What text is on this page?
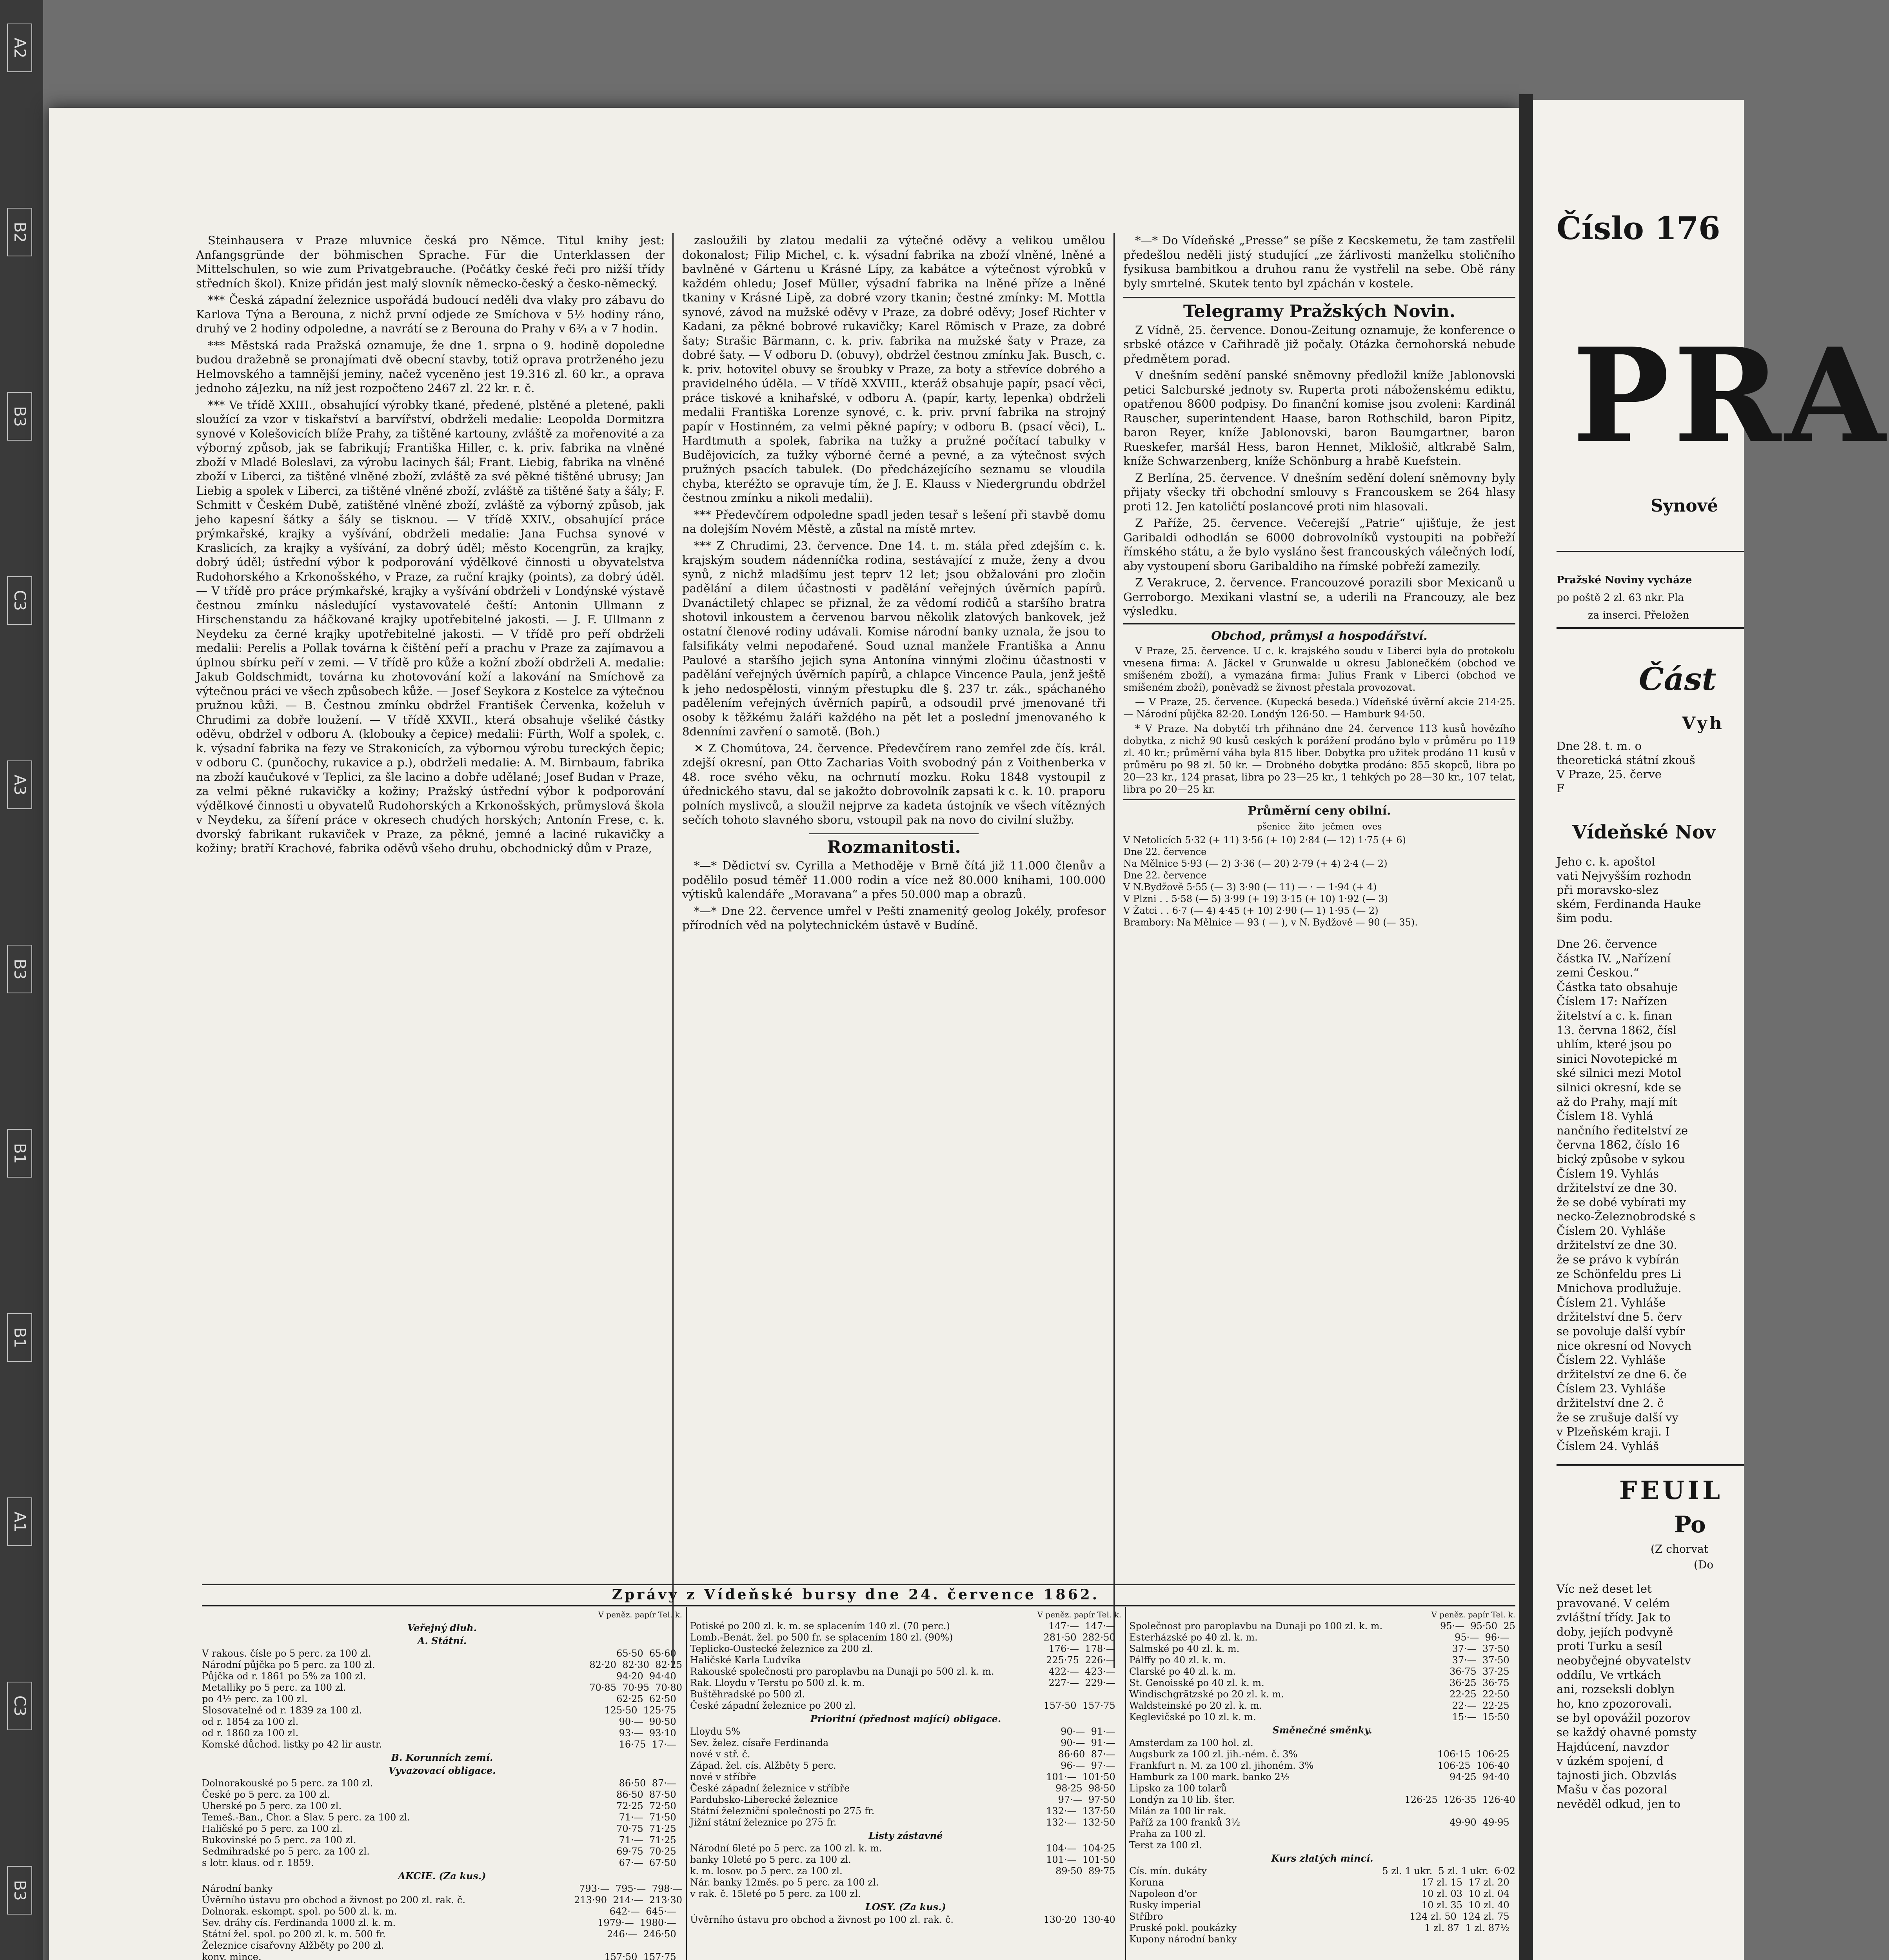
A2
B2
B3
C3
A3
B3
B1
B1
A1
C3
B3

Steinhausera v Praze mluvnice česká pro Němce. Titul knihy jest: Anfangsgründe der böhmischen Sprache. Für die Unterklassen der Mittelschulen, so wie zum Privatgebrauche. (Počátky české řeči pro nižší třídy středních škol). Knize přidán jest malý slovník německo-český a česko-německý.

*** Česká západní železnice uspořádá budoucí neděli dva vlaky pro zábavu do Karlova Týna a Berouna, z nichž první odjede ze Smíchova v 5½ hodiny ráno, druhý ve 2 hodiny odpoledne, a navrátí se z Berouna do Prahy v 6¾ a v 7 hodin.

*** Městská rada Pražská oznamuje, že dne 1. srpna o 9. hodině dopoledne budou dražebně se pronajímati dvě obecní stavby, totiž oprava protrženého jezu Helmovského a tamnější jeminy, načež vyceněno jest 19.316 zl. 60 kr., a oprava jednoho záJezku, na níž jest rozpočteno 2467 zl. 22 kr. r. č.

*** Ve třídě XXIII., obsahující výrobky tkané, předené, plstěné a pletené, pakli sloužící za vzor v tiskařství a barvířství, obdrželi medalie: Leopolda Dormitzra synové v Kolešovicích blíže Prahy, za tištěné kartouny, zvláště za mořenovité a za výborný způsob, jak se fabrikují; Františka Hiller, c. k. priv. fabrika na vlněné zboží v Mladé Boleslavi, za výrobu lacinych šál; Frant. Liebig, fabrika na vlněné zboží v Liberci, za tištěné vlněné zboží, zvláště za své pěkné tištěné ubrusy; Jan Liebig a spolek v Liberci, za tištěné vlněné zboží, zvláště za tištěné šaty a šály; F. Schmitt v Českém Dubě, zatištěné vlněné zboží, zvláště za výborný způsob, jak jeho kapesní šátky a šály se tisknou. — V třídě XXIV., obsahující práce prýmkařské, krajky a vyšívání, obdrželi medalie: Jana Fuchsa synové v Kraslicích, za krajky a vyšívání, za dobrý úděl; město Kocengrün, za krajky, dobrý úděl; ústřední výbor k podporování výdělkové činnosti u obyvatelstva Rudohorského a Krkonošského, v Praze, za ruční krajky (points), za dobrý úděl. — V třídě pro práce prýmkařské, krajky a vyšívání obdrželi v Londýnské výstavě čestnou zmínku následující vystavovatelé čeští: Antonin Ullmann z Hirschenstandu za háčkované krajky upotřebitelné jakosti. — J. F. Ullmann z Neydeku za černé krajky upotřebitelné jakosti. — V třídě pro peří obdrželi medalii: Perelis a Pollak továrna k čištění peří a prachu v Praze za zajímavou a úplnou sbírku peří v zemi. — V třídě pro kůže a kožní zboží obdrželi A. medalie: Jakub Goldschmidt, továrna ku zhotovování koží a lakování na Smíchově za výtečnou práci ve všech způsobech kůže. — Josef Seykora z Kostelce za výtečnou pružnou kůži. — B. Čestnou zmínku obdržel František Červenka, koželuh v Chrudimi za dobře loužení. — V třídě XXVII., která obsahuje všeliké částky oděvu, obdržel v odboru A. (klobouky a čepice) medalii: Fürth, Wolf a spolek, c. k. výsadní fabrika na fezy ve Strakonicích, za výbornou výrobu tureckých čepic; v odboru C. (punčochy, rukavice a p.), obdrželi medalie: A. M. Birnbaum, fabrika na zboží kaučukové v Teplici, za šle lacino a dobře udělané; Josef Budan v Praze, za velmi pěkné rukavičky a kožiny; Pražský ústřední výbor k podporování výdělkové činnosti u obyvatelů Rudohorských a Krkonošských, průmyslová škola v Neydeku, za šíření práce v okresech chudých horských; Antonín Frese, c. k. dvorský fabrikant rukaviček v Praze, za pěkné, jemné a laciné rukavičky a kožiny; bratří Krachové, fabrika oděvů všeho druhu, obchodnický dům v Praze,

zasloužili by zlatou medalii za výtečné oděvy a velikou umělou dokonalost; Filip Michel, c. k. výsadní fabrika na zboží vlněné, lněné a bavlněné v Gártenu u Krásné Lípy, za kabátce a výtečnost výrobků v každém ohledu; Josef Müller, výsadní fabrika na lněné příze a lněné tkaniny v Krásné Lipě, za dobré vzory tkanin; čestné zmínky: M. Mottla synové, závod na mužské oděvy v Praze, za dobré oděvy; Josef Richter v Kadani, za pěkné bobrové rukavičky; Karel Römisch v Praze, za dobré šaty; Strašic Bärmann, c. k. priv. fabrika na mužské šaty v Praze, za dobré šaty. — V odboru D. (obuvy), obdržel čestnou zmínku Jak. Busch, c. k. priv. hotovitel obuvy se šroubky v Praze, za boty a střevíce dobrého a pravidelného úděla. — V třídě XXVIII., kteráž obsahuje papír, psací věci, práce tiskové a knihařské, v odboru A. (papír, karty, lepenka) obdrželi medalii Františka Lorenze synové, c. k. priv. první fabrika na strojný papír v Hostinném, za velmi pěkné papíry; v odboru B. (psací věci), L. Hardtmuth a spolek, fabrika na tužky a pružné počítací tabulky v Budějovicích, za tužky výborné černé a pevné, a za výtečnost svých pružných psacích tabulek. (Do předcházejícího seznamu se vloudila chyba, kteréžto se opravuje tím, že J. E. Klauss v Niedergrundu obdržel čestnou zmínku a nikoli medalii).

*** Předevčírem odpoledne spadl jeden tesař s lešení při stavbě domu na dolejším Novém Městě, a zůstal na místě mrtev.

*** Z Chrudimi, 23. července. Dne 14. t. m. stála před zdejším c. k. krajským soudem nádenníčka rodina, sestávající z muže, ženy a dvou synů, z nichž mladšímu jest teprv 12 let; jsou obžalováni pro zločin padělání a dilem účastnosti v padělání veřejných úvěrních papírů. Dvanáctiletý chlapec se přiznal, že za vědomí rodičů a staršího bratra shotovil inkoustem a červenou barvou několik zlatových bankovek, jež ostatní členové rodiny udávali. Komise národní banky uznala, že jsou to falsifikáty velmi nepodařené. Soud uznal manžele Františka a Annu Paulové a staršího jejich syna Antonína vinnými zločinu účastnosti v padělání veřejných úvěrních papírů, a chlapce Vincence Paula, jenž ještě k jeho nedospělosti, vinným přestupku dle §. 237 tr. zák., spáchaného padělením veřejných úvěrních papírů, a odsoudil prvé jmenované tři osoby k těžkému žaláři každého na pět let a poslední jmenovaného k 8denními zavření o samotě. (Boh.)

✕ Z Chomútova, 24. července. Předevčírem rano zemřel zde čís. král. zdejší okresní, pan Otto Zacharias Voith svobodný pán z Voithenberka v 48. roce svého věku, na ochrnutí mozku. Roku 1848 vystoupil z úřednického stavu, dal se jakožto dobrovolník zapsati k c. k. 10. praporu polních myslivců, a sloužil nejprve za kadeta ústojník ve všech vítězných sečích tohoto slavného sboru, vstoupil pak na novo do civilní služby.

Rozmanitosti.

*—* Dědictví sv. Cyrilla a Methoděje v Brně čítá již 11.000 členův a podělilo posud téměř 11.000 rodin a více než 80.000 knihami, 100.000 výtisků kalendáře „Moravana“ a přes 50.000 map a obrazů.

*—* Dne 22. července umřel v Pešti znamenitý geolog Jokély, profesor přírodních věd na polytechnickém ústavě v Budíně.

*—* Do Vídeňské „Presse“ se píše z Kecskemetu, že tam zastřelil předešlou neděli jistý studující „ze žárlivosti manželku stoličního fysikusa bambitkou a druhou ranu že vystřelil na sebe. Obě rány byly smrtelné. Skutek tento byl zpáchán v kostele.

Telegramy Pražských Novin.

Z Vídně, 25. července. Donou-Zeitung oznamuje, že konference o srbské otázce v Cařihradě již počaly. Otázka černohorská nebude předmětem porad.

V dnešním sedění panské sněmovny předložil kníže Jablonovski petici Salcburské jednoty sv. Ruperta proti náboženskému ediktu, opatřenou 8600 podpisy. Do finanční komise jsou zvoleni: Kardinál Rauscher, superintendent Haase, baron Rothschild, baron Pipitz, baron Reyer, kníže Jablonovski, baron Baumgartner, baron Rueskefer, maršál Hess, baron Hennet, Miklošič, altkrabě Salm, kníže Schwarzenberg, kníže Schönburg a hrabě Kuefstein.

Z Berlína, 25. července. V dnešním sedění dolení sněmovny byly přijaty všecky tři obchodní smlouvy s Francouskem se 264 hlasy proti 12. Jen katoličtí poslancové proti nim hlasovali.

Z Paříže, 25. července. Večerejší „Patrie“ ujišťuje, že jest Garibaldi odhodlán se 6000 dobrovolníků vystoupiti na pobřeží římského státu, a že bylo vysláno šest francouských válečných lodí, aby vystoupení sboru Garibaldiho na římské pobřeží zamezily.

Z Verakruce, 2. července. Francouzové porazili sbor Mexicanů u Gerroborgo. Mexikani vlastní se, a uderili na Francouzy, ale bez výsledku.

Obchod, průmysl a hospodářství.

V Praze, 25. července. U c. k. krajského soudu v Liberci byla do protokolu vnesena firma: A. Jäckel v Grunwalde u okresu Jablonečkém (obchod ve smíšeném zboží), a vymazána firma: Julius Frank v Liberci (obchod ve smíšeném zboží), poněvadž se živnost přestala provozovat.

— V Praze, 25. července. (Kupecká beseda.) Vídeňské úvěrní akcie 214·25. — Národní půjčka 82·20. Londýn 126·50. — Hamburk 94·50.

* V Praze. Na dobytčí trh přihnáno dne 24. července 113 kusů hovězího dobytka, z nichž 90 kusů ceských k porážení prodáno bylo v průměru po 119 zl. 40 kr.; průměrní váha byla 815 liber. Dobytka pro užitek prodáno 11 kusů v průměru po 98 zl. 50 kr. — Drobného dobytka prodáno: 855 skopců, libra po 20—23 kr., 124 prasat, libra po 23—25 kr., 1 tehkých po 28—30 kr., 107 telat, libra po 20—25 kr.

Průměrní ceny obilní.
pšenice   žito   ječmen   oves
V Netolicích 5·32 (+ 11) 3·56 (+ 10) 2·84 (— 12) 1·75 (+ 6)
Dne 22. července
Na Mělnice 5·93 (— 2) 3·36 (— 20) 2·79 (+ 4) 2·4 (— 2)
Dne 22. července
V N.Bydžově 5·55 (— 3) 3·90 (— 11) — · — 1·94 (+ 4)
V Plzni . . 5·58 (— 5) 3·99 (+ 19) 3·15 (+ 10) 1·92 (— 3)
V Žatci . . 6·7 (— 4) 4·45 (+ 10) 2·90 (— 1) 1·95 (— 2)
Brambory: Na Mělnice — 93 ( — ), v N. Bydžově — 90 (— 35).
Zprávy z Vídeňské bursy dne 24. července 1862.
V peněz. papír Tel. k.
Veřejný dluh.
A. Státní.
V rakous. čísle po 5 perc. za 100 zl.	65·50  65·60
Národní půjčka po 5 perc. za 100 zl.	82·20  82·30  82·25
Půjčka od r. 1861 po 5% za 100 zl.	94·20  94·40
Metalliky po 5 perc. za 100 zl.	70·85  70·95  70·80
po 4½ perc. za 100 zl.	62·25  62·50
Slosovatelné od r. 1839 za 100 zl.	125·50  125·75
od r. 1854 za 100 zl.	90·—  90·50
od r. 1860 za 100 zl.	93·—  93·10
Komské důchod. listky po 42 lir austr.	16·75  17·—
B. Korunních zemí.
Vyvazovací obligace.
Dolnorakouské po 5 perc. za 100 zl.	86·50  87·—
České po 5 perc. za 100 zl.	86·50  87·50
Uherské po 5 perc. za 100 zl.	72·25  72·50
Temeš.-Ban., Chor. a Slav. 5 perc. za 100 zl.	71·—  71·50
Haličské po 5 perc. za 100 zl.	70·75  71·25
Bukovinské po 5 perc. za 100 zl.	71·—  71·25
Sedmihradské po 5 perc. za 100 zl.	69·75  70·25
s lotr. klaus. od r. 1859.	67·—  67·50
AKCIE. (Za kus.)
Národní banky	793·—  795·—  798·—
Úvěrního ústavu pro obchod a živnost po 200 zl. rak. č.	213·90  214·—  213·30
Dolnorak. eskompt. spol. po 500 zl. k. m.	642·—  645·—
Sev. dráhy cís. Ferdinanda 1000 zl. k. m.	1979·—  1980·—
Státní žel. spol. po 200 zl. k. m. 500 fr.	246·—  246·50
Železnice císařovny Alžběty po 200 zl.

konv. mince.	157·50  157·75

V peněz. papír Tel. k.
Potiské po 200 zl. k. m. se splacením 140 zl. (70 perc.)	147·—  147·—
Lomb.-Benát. žel. po 500 fr. se splacením 180 zl. (90%)	281·50  282·50
Teplicko-Oustecké železnice za 200 zl.	176·—  178·—
Haličské Karla Ludvíka	225·75  226·—
Rakouské společnosti pro paroplavbu na Dunaji po 500 zl. k. m.	422·—  423·—
Rak. Lloydu v Terstu po 500 zl. k. m.	227·—  229·—
Buštěhradské po 500 zl.

České západní železnice po 200 zl.	157·50  157·75
Prioritní (přednost mající) obligace.
Lloydu 5%	90·—  91·—
Sev. želez. císaře Ferdinanda	90·—  91·—
nové v stř. č.	86·60  87·—
Západ. žel. cís. Alžběty 5 perc.	96·—  97·—
nové v stříbře	101·—  101·50
České západní železnice v stříbře	98·25  98·50
Pardubsko-Liberecké železnice	97·—  97·50
Státní železniční společnosti po 275 fr.	132·—  137·50
Jižní státní železnice po 275 fr.	132·—  132·50
Listy zástavné
Národní 6leté po 5 perc. za 100 zl. k. m.	104·—  104·25
banky 10leté po 5 perc. za 100 zl.	101·—  101·50
k. m. losov. po 5 perc. za 100 zl.	89·50  89·75
Nár. banky 12měs. po 5 perc. za 100 zl.

v rak. č. 15leté po 5 perc. za 100 zl.

LOSY. (Za kus.)
Úvěrního ústavu pro obchod a živnost po 100 zl. rak. č.	130·20  130·40
V peněz. papír Tel. k.
Společnost pro paroplavbu na Dunaji po 100 zl. k. m.	95·—  95·50  25
Esterházské po 40 zl. k. m.	95·—  96·—
Salmské po 40 zl. k. m.	37·—  37·50
Pálffy po 40 zl. k. m.	37·—  37·50
Clarské po 40 zl. k. m.	36·75  37·25
St. Genoisské po 40 zl. k. m.	36·25  36·75
Windischgrätzské po 20 zl. k. m.	22·25  22·50
Waldsteinské po 20 zl. k. m.	22·—  22·25
Keglevičské po 10 zl. k. m.	15·—  15·50
Směnečné směnky.
Amsterdam za 100 hol. zl.

Augsburk za 100 zl. jih.-ném. č. 3%	106·15  106·25
Frankfurt n. M. za 100 zl. jihoném. 3%	106·25  106·40
Hamburk za 100 mark. banko 2½	94·25  94·40
Lipsko za 100 tolarů

Londýn za 10 lib. šter.	126·25  126·35  126·40
Milán za 100 lir rak.

Paříž za 100 franků 3½	49·90  49·95
Praha za 100 zl.

Terst za 100 zl.

Kurs zlatých mincí.
Cís. mín. dukáty	5 zl. 1 ukr.  5 zl. 1 ukr.  6·02
Koruna	17 zl. 15  17 zl. 20
Napoleon d'or	10 zl. 03  10 zl. 04
Rusky imperial	10 zl. 35  10 zl. 40
Stříbro	124 zl. 50  124 zl. 75
Pruské pokl. poukázky	1 zl. 87  1 zl. 87½
Kupony národní banky

Číslo 176
PRA
Synové
Pražské Noviny vycháze
po poště 2 zl. 63 nkr. Pla
za inserci. Přeložen
Část
Vyh
Dne 28. t. m. o
theoretická státní zkouš
V Praze, 25. červe
F
Vídeňské Nov
Jeho c. k. apoštol
vati Nejvyšším rozhodn
při moravsko-slez
ském, Ferdinanda Hauke
šim podu.
Dne 26. července
částka IV. „Nařízení
zemi Českou.“
Částka tato obsahuje
Číslem 17: Nařízen
žitelství a c. k. finan
13. června 1862, čísl
uhlím, které jsou po
sinici Novotepické m
ské silnici mezi Motol
silnici okresní, kde se
až do Prahy, mají mít
Číslem 18. Vyhlá
nančního ředitelství ze
června 1862, číslo 16
bický způsobe v sykou
Číslem 19. Vyhlás
držitelství ze dne 30.
že se dobé vybírati my
necko-Železnobrodské s
Číslem 20. Vyhláše
držitelství ze dne 30.
že se právo k vybírán
ze Schönfeldu pres Li
Mnichova prodlužuje.
Číslem 21. Vyhláše
držitelství dne 5. červ
se povoluje další vybír
nice okresní od Novych
Číslem 22. Vyhláše
držitelství ze dne 6. če
Číslem 23. Vyhláše
držitelství dne 2. č
že se zrušuje další vy
v Plzeňském kraji. I
Číslem 24. Vyhláš
FEUIL
Po
(Z chorvat
(Do
Víc než deset let
pravované. V celém
zvláštní třídy. Jak to
doby, jejích podvyně
proti Turku a sesíl
neobyčejné obyvatelstv
oddílu, Ve vrtkách
ani, rozseksli doblyn
ho, kno zpozorovali.
se byl opovážil pozorov
se každý ohavné pomsty
Hajdúcení, navzdor
v úzkém spojení, d
tajnosti jich. Obzvlás
Mašu v čas pozoral
nevěděl odkud, jen to
